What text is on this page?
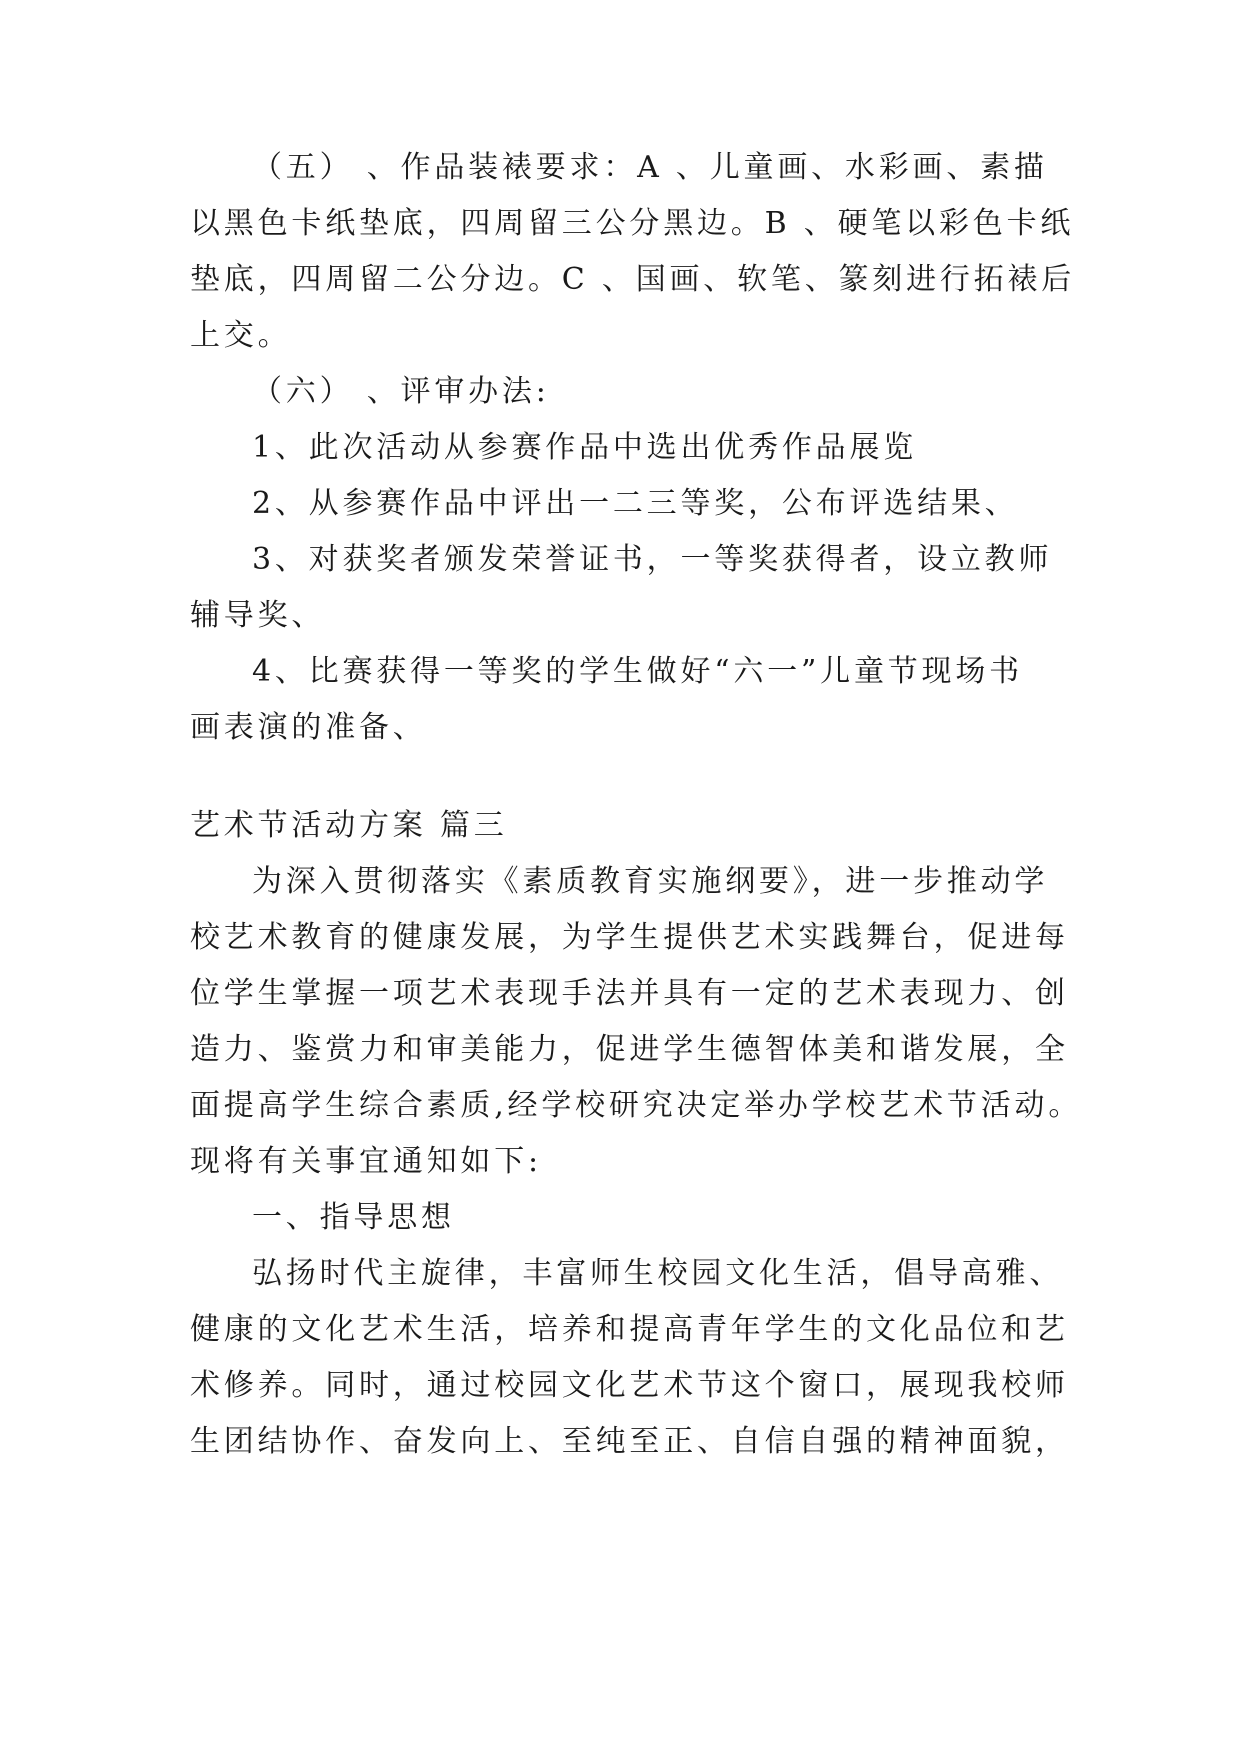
（五） 、作品装裱要求：A 、儿童画、水彩画、素描
以黑色卡纸垫底，四周留三公分黑边。B 、硬笔以彩色卡纸
垫底，四周留二公分边。C 、国画、软笔、篆刻进行拓裱后
上交。
（六） 、评审办法:
1、此次活动从参赛作品中选出优秀作品展览
2、从参赛作品中评出一二三等奖，公布评选结果、
3、对获奖者颁发荣誉证书，一等奖获得者，设立教师
辅导奖、
4、比赛获得一等奖的学生做好“六一”儿童节现场书
画表演的准备、
艺术节活动方案 篇三
为深入贯彻落实《素质教育实施纲要》，进一步推动学
校艺术教育的健康发展，为学生提供艺术实践舞台，促进每
位学生掌握一项艺术表现手法并具有一定的艺术表现力、创
造力、鉴赏力和审美能力，促进学生德智体美和谐发展，全
面提高学生综合素质,经学校研究决定举办学校艺术节活动。
现将有关事宜通知如下:
一、指导思想
弘扬时代主旋律，丰富师生校园文化生活，倡导高雅、
健康的文化艺术生活，培养和提高青年学生的文化品位和艺
术修养。同时，通过校园文化艺术节这个窗口，展现我校师
生团结协作、奋发向上、至纯至正、自信自强的精神面貌，
